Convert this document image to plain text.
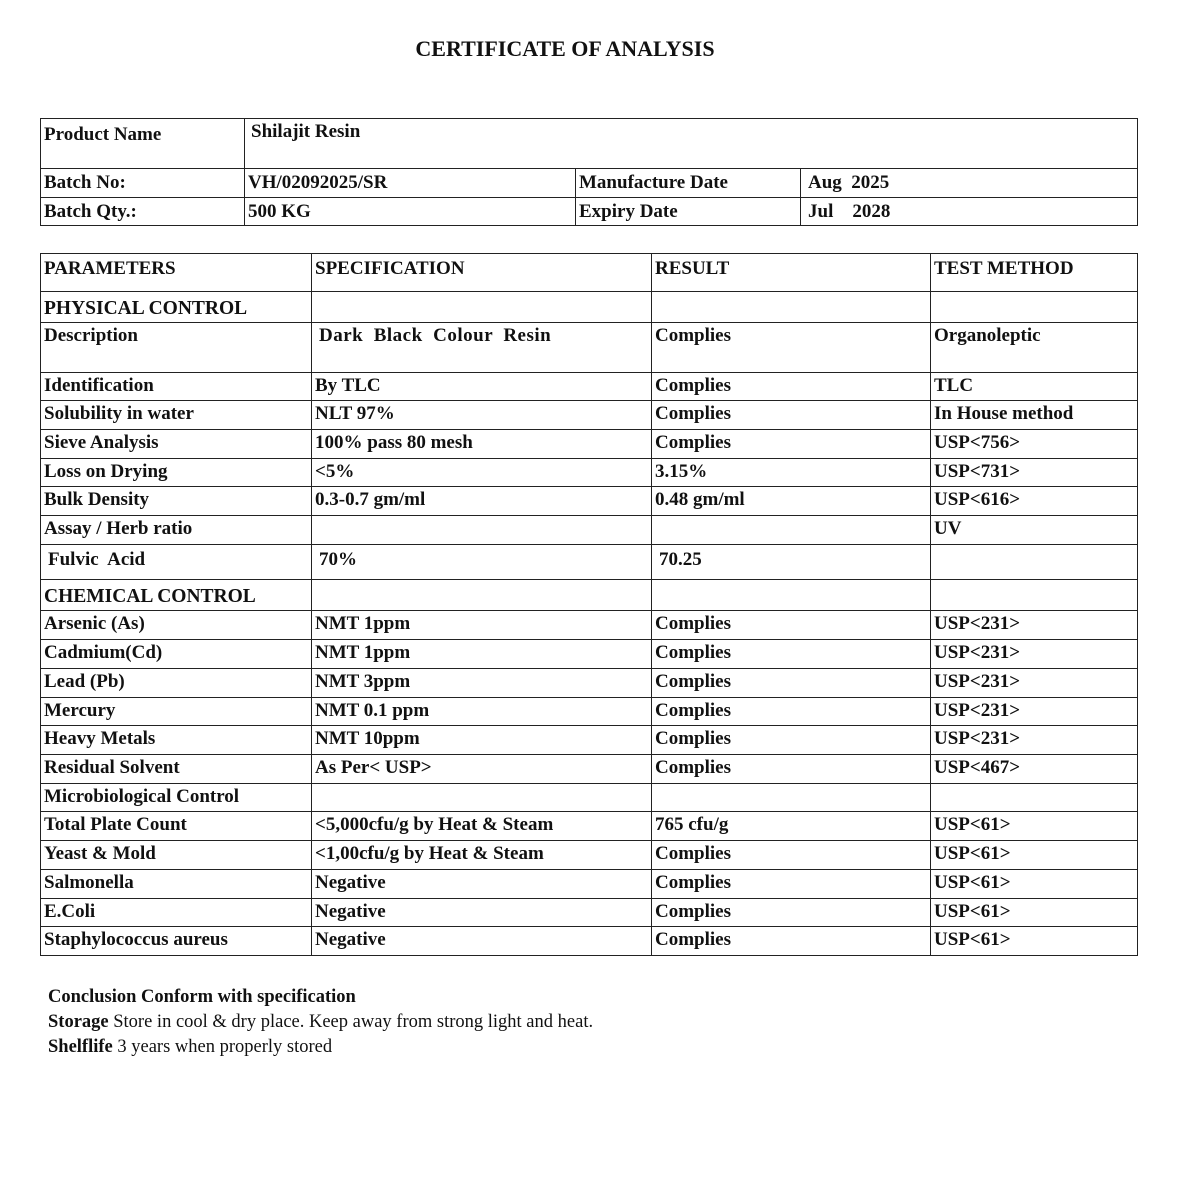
CERTIFICATE OF ANALYSIS
Product Name	Shilajit Resin		
Batch No:	VH/02092025/SR	Manufacture Date	Aug  2025
Batch Qty.:	500 KG	Expiry Date	Jul    2028
PARAMETERS	SPECIFICATION	RESULT	TEST METHOD
PHYSICAL CONTROL			
Description	Dark  Black  Colour  Resin	Complies	Organoleptic
Identification	By TLC	Complies	TLC
Solubility in water	NLT 97%	Complies	In House method
Sieve Analysis	100% pass 80 mesh	Complies	USP<756>
Loss on Drying	<5%	3.15%	USP<731>
Bulk Density	0.3-0.7 gm/ml	0.48 gm/ml	USP<616>
Assay / Herb ratio			UV
Fulvic  Acid	70%	70.25	
CHEMICAL CONTROL			
Arsenic (As)	NMT 1ppm	Complies	USP<231>
Cadmium(Cd)	NMT 1ppm	Complies	USP<231>
Lead (Pb)	NMT 3ppm	Complies	USP<231>
Mercury	NMT 0.1 ppm	Complies	USP<231>
Heavy Metals	NMT 10ppm	Complies	USP<231>
Residual Solvent	As Per< USP>	Complies	USP<467>
Microbiological Control			
Total Plate Count	<5,000cfu/g by Heat & Steam	765 cfu/g	USP<61>
Yeast & Mold	<1,00cfu/g by Heat & Steam	Complies	USP<61>
Salmonella	Negative	Complies	USP<61>
E.Coli	Negative	Complies	USP<61>
Staphylococcus aureus	Negative	Complies	USP<61>
Conclusion Conform with specification
Storage Store in cool & dry place. Keep away from strong light and heat.
Shelflife 3 years when properly stored
